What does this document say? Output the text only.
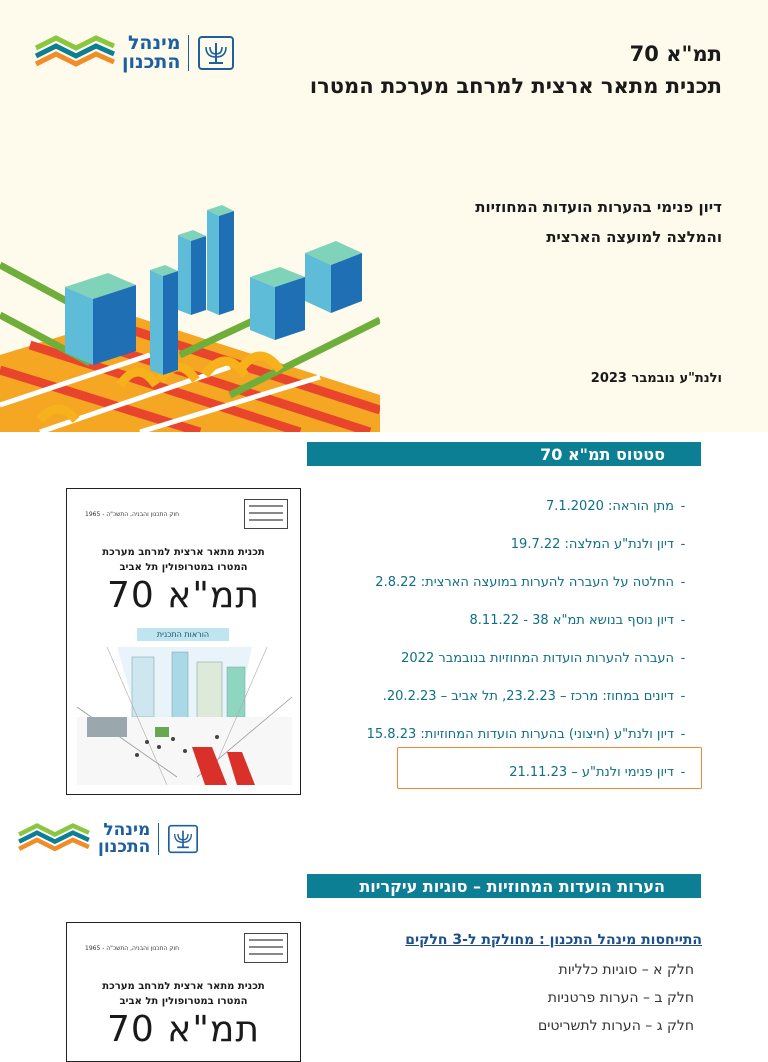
מינהל
התכנון	תמ"א 70
תכנית מתאר ארצית למרחב מערכת המטרו
דיון פנימי בהערות הועדות המחוזיות
והמלצה למועצה הארצית
ולנת"ע נובמבר 2023
סטטוס תמ"א 70
חוק התכנון והבניה, התשכ"ה - 1965
תכנית מתאר ארצית למרחב מערכת
המטרו במטרופולין תל אביב
תמ"א 70
הוראות התכנית
-
מתן הוראה: 7.1.2020
-
דיון ולנת"ע המלצה: 19.7.22
-
החלטה על העברה להערות במועצה הארצית: 2.8.22
-
דיון נוסף בנושא תמ"א 38 - 8.11.22
-
העברה להערות הועדות המחוזיות בנובמבר 2022
-
דיונים במחוז: מרכז – 23.2.23, תל אביב – 20.2.23.
-
דיון ולנת"ע (חיצוני) בהערות הועדות המחוזיות: 15.8.23
-
דיון פנימי ולנת"ע – 21.11.23
מינהל
התכנון
הערות הועדות המחוזיות – סוגיות עיקריות
חוק התכנון והבניה, התשכ"ה - 1965
תכנית מתאר ארצית למרחב מערכת
המטרו במטרופולין תל אביב
תמ"א 70
התייחסות מינהל התכנון : מחולקת ל-3 חלקים
חלק א – סוגיות כלליות
חלק ב – הערות פרטניות
חלק ג – הערות לתשריטים
